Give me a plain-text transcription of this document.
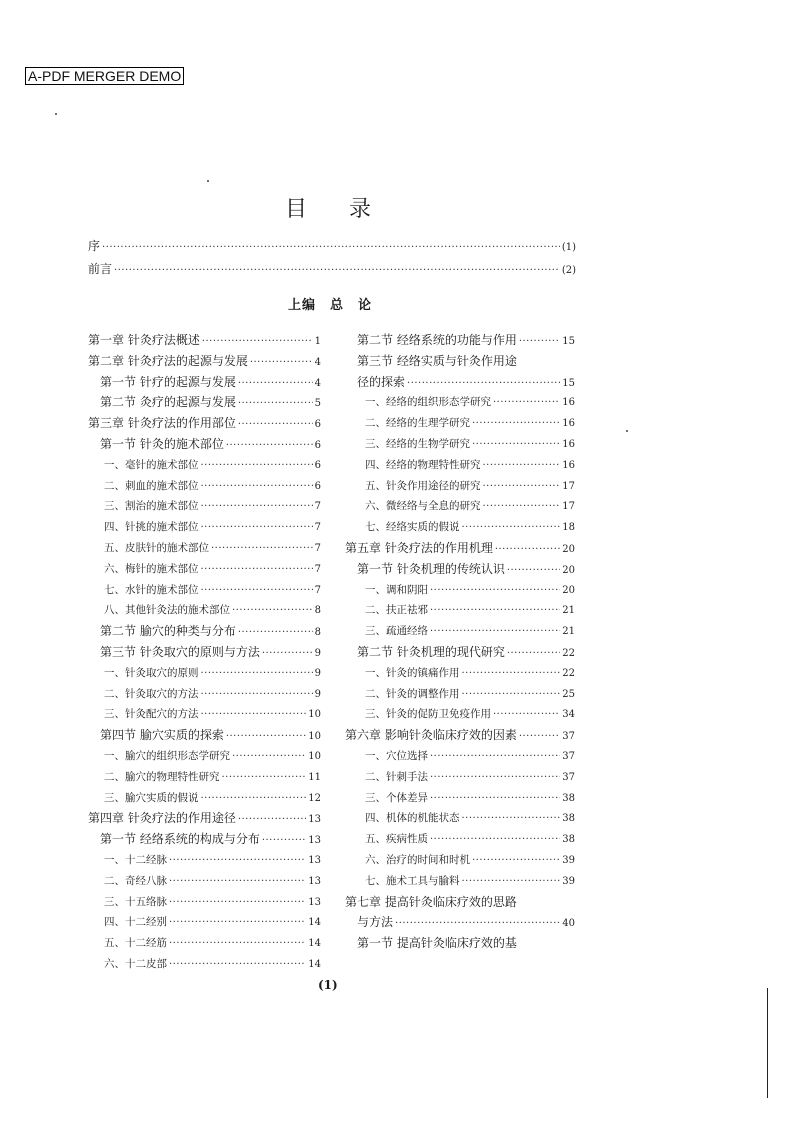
A-PDF MERGER DEMO
目 录
序 ·····	(1)
前言 ·····	(2)
上编 总 论
第一章 针灸疗法概述 ·····	1
第二章 针灸疗法的起源与发展 ·····	4
第一节 针疗的起源与发展 ·····	4
第二节 灸疗的起源与发展 ·····	5
第三章 针灸疗法的作用部位 ·····	6
第一节 针灸的施术部位 ·····	6
一、毫针的施术部位 ·····	6
二、刺血的施术部位 ·····	6
三、割治的施术部位 ·····	7
四、针挑的施术部位 ·····	7
五、皮肤针的施术部位 ·····	7
六、梅针的施术部位 ·····	7
七、水针的施术部位 ·····	7
八、其他针灸法的施术部位 ·····	8
第二节 腧穴的种类与分布 ·····	8
第三节 针灸取穴的原则与方法 ·····	9
一、针灸取穴的原则 ·····	9
二、针灸取穴的方法 ·····	9
三、针灸配穴的方法 ·····	10
第四节 腧穴实质的探索 ·····	10
一、腧穴的组织形态学研究 ·····	10
二、腧穴的物理特性研究 ·····	11
三、腧穴实质的假说 ·····	12
第四章 针灸疗法的作用途径 ·····	13
第一节 经络系统的构成与分布 ·····	13
一、十二经脉 ·····	13
二、奇经八脉 ·····	13
三、十五络脉 ·····	13
四、十二经别 ·····	14
五、十二经筋 ·····	14
六、十二皮部 ·····	14
第二节 经络系统的功能与作用 ·····	15
第三节 经络实质与针灸作用途
径的探索 ·····	15
一、经络的组织形态学研究 ·····	16
二、经络的生理学研究 ·····	16
三、经络的生物学研究 ·····	16
四、经络的物理特性研究 ·····	16
五、针灸作用途径的研究 ·····	17
六、微经络与全息的研究 ·····	17
七、经络实质的假说 ·····	18
第五章 针灸疗法的作用机理 ·····	20
第一节 针灸机理的传统认识 ·····	20
一、调和阴阳 ·····	20
二、扶正祛邪 ·····	21
三、疏通经络 ·····	21
第二节 针灸机理的现代研究 ·····	22
一、针灸的镇痛作用 ·····	22
二、针灸的调整作用 ·····	25
三、针灸的促防卫免疫作用 ·····	34
第六章 影响针灸临床疗效的因素 ·····	37
一、穴位选择 ·····	37
二、针刺手法 ·····	37
三、个体差异 ·····	38
四、机体的机能状态 ·····	38
五、疾病性质 ·····	38
六、治疗的时间和时机 ·····	39
七、施术工具与腧料 ·····	39
第七章 提高针灸临床疗效的思路
与方法 ·····	40
第一节 提高针灸临床疗效的基
(1)
